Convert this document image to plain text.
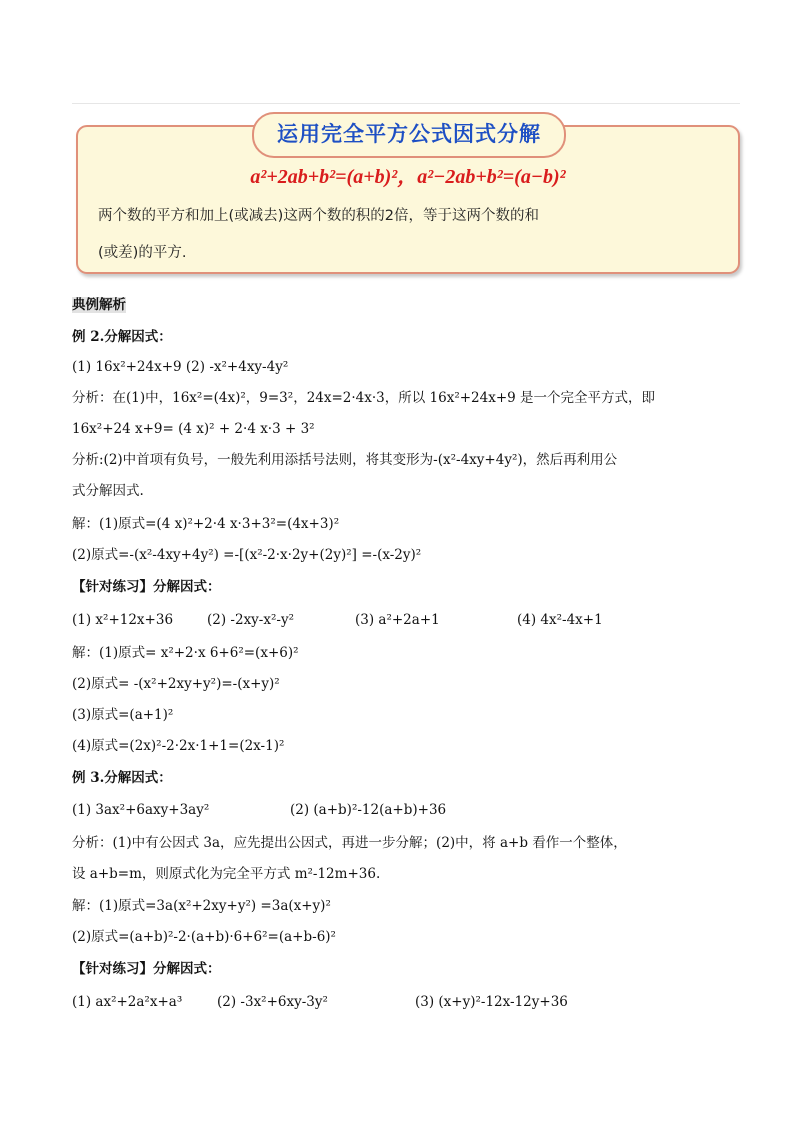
运用完全平方公式因式分解
a²+2ab+b²=(a+b)²，a²−2ab+b²=(a−b)²
两个数的平方和加上(或减去)这两个数的积的2倍，等于这两个数的和
(或差)的平方.
典例解析
例 2.分解因式：
(1) 16x²+24x+9 (2) -x²+4xy-4y²
分析：在(1)中，16x²=(4x)²，9=3²，24x=2·4x·3，所以 16x²+24x+9 是一个完全平方式，即
16x²+24 x+9= (4 x)² + 2·4 x·3 + 3²
分析:(2)中首项有负号，一般先利用添括号法则，将其变形为-(x²-4xy+4y²)，然后再利用公
式分解因式.
解：(1)原式=(4 x)²+2·4 x·3+3²=(4x+3)²
(2)原式=-(x²-4xy+4y²) =-[(x²-2·x·2y+(2y)²] =-(x-2y)²
【针对练习】分解因式：
(1) x²+12x+36	(2) -2xy-x²-y²	(3) a²+2a+1	(4) 4x²-4x+1
解：(1)原式= x²+2·x 6+6²=(x+6)²
(2)原式= -(x²+2xy+y²)=-(x+y)²
(3)原式=(a+1)²
(4)原式=(2x)²-2·2x·1+1=(2x-1)²
例 3.分解因式：
(1) 3ax²+6axy+3ay²	(2) (a+b)²-12(a+b)+36
分析：(1)中有公因式 3a，应先提出公因式，再进一步分解；(2)中，将 a+b 看作一个整体，
设 a+b=m，则原式化为完全平方式 m²-12m+36.
解：(1)原式=3a(x²+2xy+y²) =3a(x+y)²
(2)原式=(a+b)²-2·(a+b)·6+6²=(a+b-6)²
【针对练习】分解因式：
(1) ax²+2a²x+a³	(2) -3x²+6xy-3y²	(3) (x+y)²-12x-12y+36
